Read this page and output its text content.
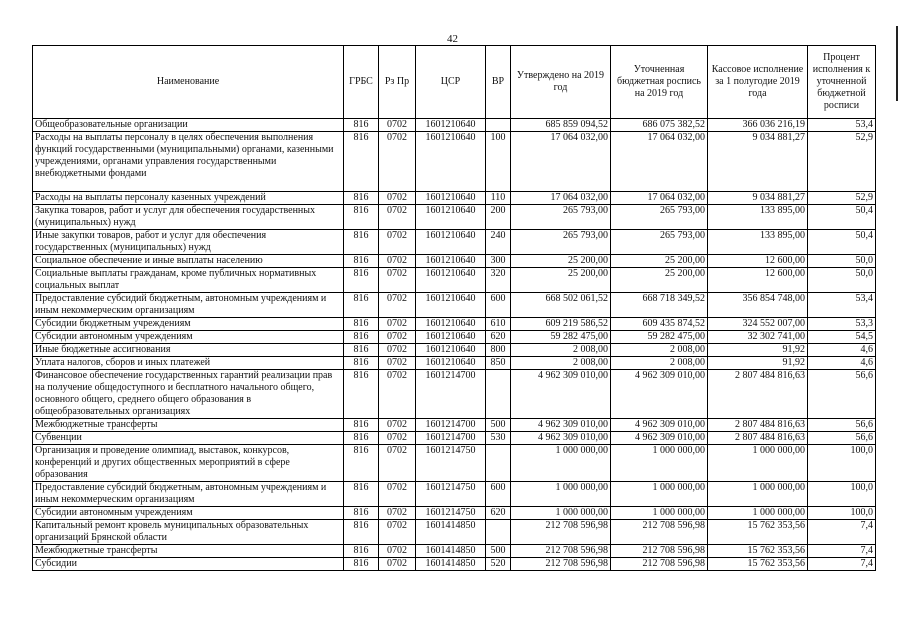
42
Наименование	ГРБС	Рз Пр	ЦСР	ВР	Утверждено на 2019 год	Уточненная бюджетная роспись на 2019 год	Кассовое исполнение за 1 полугодие 2019 года	Процент исполнения к уточненной бюджетной росписи
Общеобразовательные организации	816	0702	1601210640		685 859 094,52	686 075 382,52	366 036 216,19	53,4
Расходы на выплаты персоналу в целях обеспечения выполнения функций государственными (муниципальными) органами, казенными учреждениями, органами управления государственными внебюджетными фондами	816	0702	1601210640	100	17 064 032,00	17 064 032,00	9 034 881,27	52,9
Расходы на выплаты персоналу казенных учреждений	816	0702	1601210640	110	17 064 032,00	17 064 032,00	9 034 881,27	52,9
Закупка товаров, работ и услуг для обеспечения государственных (муниципальных) нужд	816	0702	1601210640	200	265 793,00	265 793,00	133 895,00	50,4
Иные закупки товаров, работ и услуг для обеспечения государственных (муниципальных) нужд	816	0702	1601210640	240	265 793,00	265 793,00	133 895,00	50,4
Социальное обеспечение и иные выплаты населению	816	0702	1601210640	300	25 200,00	25 200,00	12 600,00	50,0
Социальные выплаты гражданам, кроме публичных нормативных социальных выплат	816	0702	1601210640	320	25 200,00	25 200,00	12 600,00	50,0
Предоставление субсидий бюджетным, автономным учреждениям и иным некоммерческим организациям	816	0702	1601210640	600	668 502 061,52	668 718 349,52	356 854 748,00	53,4
Субсидии бюджетным учреждениям	816	0702	1601210640	610	609 219 586,52	609 435 874,52	324 552 007,00	53,3
Субсидии автономным учреждениям	816	0702	1601210640	620	59 282 475,00	59 282 475,00	32 302 741,00	54,5
Иные бюджетные ассигнования	816	0702	1601210640	800	2 008,00	2 008,00	91,92	4,6
Уплата налогов, сборов и иных платежей	816	0702	1601210640	850	2 008,00	2 008,00	91,92	4,6
Финансовое обеспечение государственных гарантий реализации прав на получение общедоступного и бесплатного начального общего, основного общего, среднего общего образования в общеобразовательных организациях	816	0702	1601214700		4 962 309 010,00	4 962 309 010,00	2 807 484 816,63	56,6
Межбюджетные трансферты	816	0702	1601214700	500	4 962 309 010,00	4 962 309 010,00	2 807 484 816,63	56,6
Субвенции	816	0702	1601214700	530	4 962 309 010,00	4 962 309 010,00	2 807 484 816,63	56,6
Организация и проведение олимпиад, выставок, конкурсов, конференций и других общественных мероприятий в сфере образования	816	0702	1601214750		1 000 000,00	1 000 000,00	1 000 000,00	100,0
Предоставление субсидий бюджетным, автономным учреждениям и иным некоммерческим организациям	816	0702	1601214750	600	1 000 000,00	1 000 000,00	1 000 000,00	100,0
Субсидии автономным учреждениям	816	0702	1601214750	620	1 000 000,00	1 000 000,00	1 000 000,00	100,0
Капитальный ремонт кровель муниципальных образовательных организаций Брянской области	816	0702	1601414850		212 708 596,98	212 708 596,98	15 762 353,56	7,4
Межбюджетные трансферты	816	0702	1601414850	500	212 708 596,98	212 708 596,98	15 762 353,56	7,4
Субсидии	816	0702	1601414850	520	212 708 596,98	212 708 596,98	15 762 353,56	7,4
